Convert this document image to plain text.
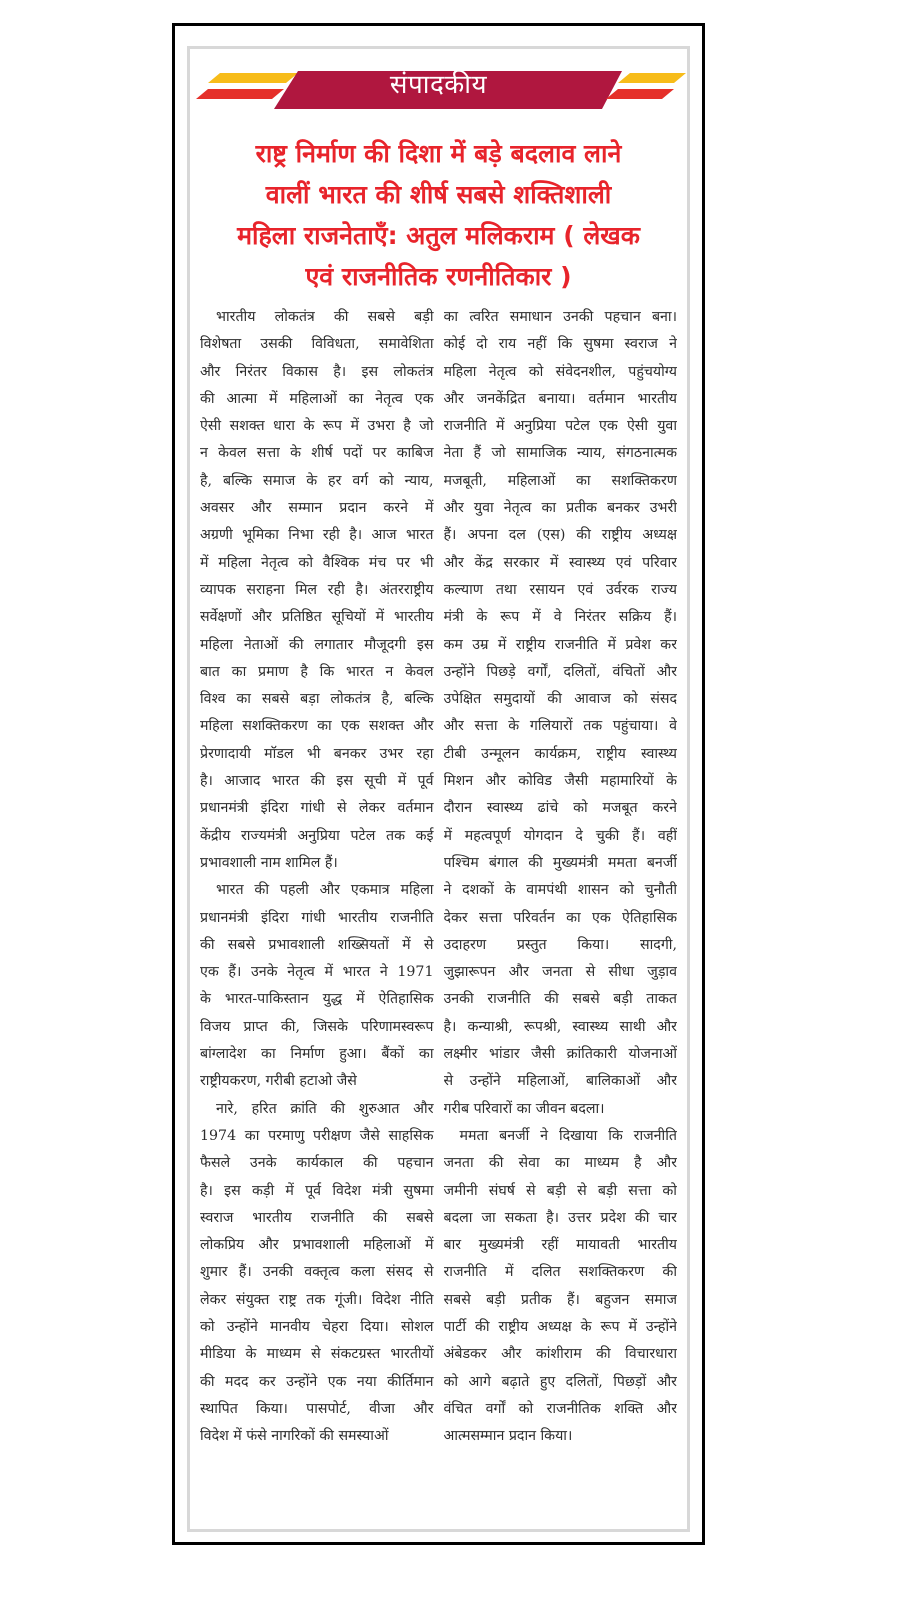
संपादकीय
राष्ट्र निर्माण की दिशा में बड़े बदलाव लाने
वालीं भारत की शीर्ष सबसे शक्तिशाली
महिला राजनेताएँ: अतुल मलिकराम ( लेखक
एवं राजनीतिक रणनीतिकार )
भारतीय लोकतंत्र की सबसे बड़ी
विशेषता उसकी विविधता, समावेशिता
और निरंतर विकास है। इस लोकतंत्र
की आत्मा में महिलाओं का नेतृत्व एक
ऐसी सशक्त धारा के रूप में उभरा है जो
न केवल सत्ता के शीर्ष पदों पर काबिज
है, बल्कि समाज के हर वर्ग को न्याय,
अवसर और सम्मान प्रदान करने में
अग्रणी भूमिका निभा रही है। आज भारत
में महिला नेतृत्व को वैश्विक मंच पर भी
व्यापक सराहना मिल रही है। अंतरराष्ट्रीय
सर्वेक्षणों और प्रतिष्ठित सूचियों में भारतीय
महिला नेताओं की लगातार मौजूदगी इस
बात का प्रमाण है कि भारत न केवल
विश्व का सबसे बड़ा लोकतंत्र है, बल्कि
महिला सशक्तिकरण का एक सशक्त और
प्रेरणादायी मॉडल भी बनकर उभर रहा
है। आजाद भारत की इस सूची में पूर्व
प्रधानमंत्री इंदिरा गांधी से लेकर वर्तमान
केंद्रीय राज्यमंत्री अनुप्रिया पटेल तक कई
प्रभावशाली नाम शामिल हैं।
भारत की पहली और एकमात्र महिला
प्रधानमंत्री इंदिरा गांधी भारतीय राजनीति
की सबसे प्रभावशाली शख्सियतों में से
एक हैं। उनके नेतृत्व में भारत ने 1971
के भारत-पाकिस्तान युद्ध में ऐतिहासिक
विजय प्राप्त की, जिसके परिणामस्वरूप
बांग्लादेश का निर्माण हुआ। बैंकों का
राष्ट्रीयकरण, गरीबी हटाओ जैसे
नारे, हरित क्रांति की शुरुआत और
1974 का परमाणु परीक्षण जैसे साहसिक
फैसले उनके कार्यकाल की पहचान
है। इस कड़ी में पूर्व विदेश मंत्री सुषमा
स्वराज भारतीय राजनीति की सबसे
लोकप्रिय और प्रभावशाली महिलाओं में
शुमार हैं। उनकी वक्तृत्व कला संसद से
लेकर संयुक्त राष्ट्र तक गूंजी। विदेश नीति
को उन्होंने मानवीय चेहरा दिया। सोशल
मीडिया के माध्यम से संकटग्रस्त भारतीयों
की मदद कर उन्होंने एक नया कीर्तिमान
स्थापित किया। पासपोर्ट, वीजा और
विदेश में फंसे नागरिकों की समस्याओं
का त्वरित समाधान उनकी पहचान बना।
कोई दो राय नहीं कि सुषमा स्वराज ने
महिला नेतृत्व को संवेदनशील, पहुंचयोग्य
और जनकेंद्रित बनाया। वर्तमान भारतीय
राजनीति में अनुप्रिया पटेल एक ऐसी युवा
नेता हैं जो सामाजिक न्याय, संगठनात्मक
मजबूती, महिलाओं का सशक्तिकरण
और युवा नेतृत्व का प्रतीक बनकर उभरी
हैं। अपना दल (एस) की राष्ट्रीय अध्यक्ष
और केंद्र सरकार में स्वास्थ्य एवं परिवार
कल्याण तथा रसायन एवं उर्वरक राज्य
मंत्री के रूप में वे निरंतर सक्रिय हैं।
कम उम्र में राष्ट्रीय राजनीति में प्रवेश कर
उन्होंने पिछड़े वर्गों, दलितों, वंचितों और
उपेक्षित समुदायों की आवाज को संसद
और सत्ता के गलियारों तक पहुंचाया। वे
टीबी उन्मूलन कार्यक्रम, राष्ट्रीय स्वास्थ्य
मिशन और कोविड जैसी महामारियों के
दौरान स्वास्थ्य ढांचे को मजबूत करने
में महत्वपूर्ण योगदान दे चुकी हैं। वहीं
पश्चिम बंगाल की मुख्यमंत्री ममता बनर्जी
ने दशकों के वामपंथी शासन को चुनौती
देकर सत्ता परिवर्तन का एक ऐतिहासिक
उदाहरण प्रस्तुत किया। सादगी,
जुझारूपन और जनता से सीधा जुड़ाव
उनकी राजनीति की सबसे बड़ी ताकत
है। कन्याश्री, रूपश्री, स्वास्थ्य साथी और
लक्ष्मीर भांडार जैसी क्रांतिकारी योजनाओं
से उन्होंने महिलाओं, बालिकाओं और
गरीब परिवारों का जीवन बदला।
ममता बनर्जी ने दिखाया कि राजनीति
जनता की सेवा का माध्यम है और
जमीनी संघर्ष से बड़ी से बड़ी सत्ता को
बदला जा सकता है। उत्तर प्रदेश की चार
बार मुख्यमंत्री रहीं मायावती भारतीय
राजनीति में दलित सशक्तिकरण की
सबसे बड़ी प्रतीक हैं। बहुजन समाज
पार्टी की राष्ट्रीय अध्यक्ष के रूप में उन्होंने
अंबेडकर और कांशीराम की विचारधारा
को आगे बढ़ाते हुए दलितों, पिछड़ों और
वंचित वर्गों को राजनीतिक शक्ति और
आत्मसम्मान प्रदान किया।
